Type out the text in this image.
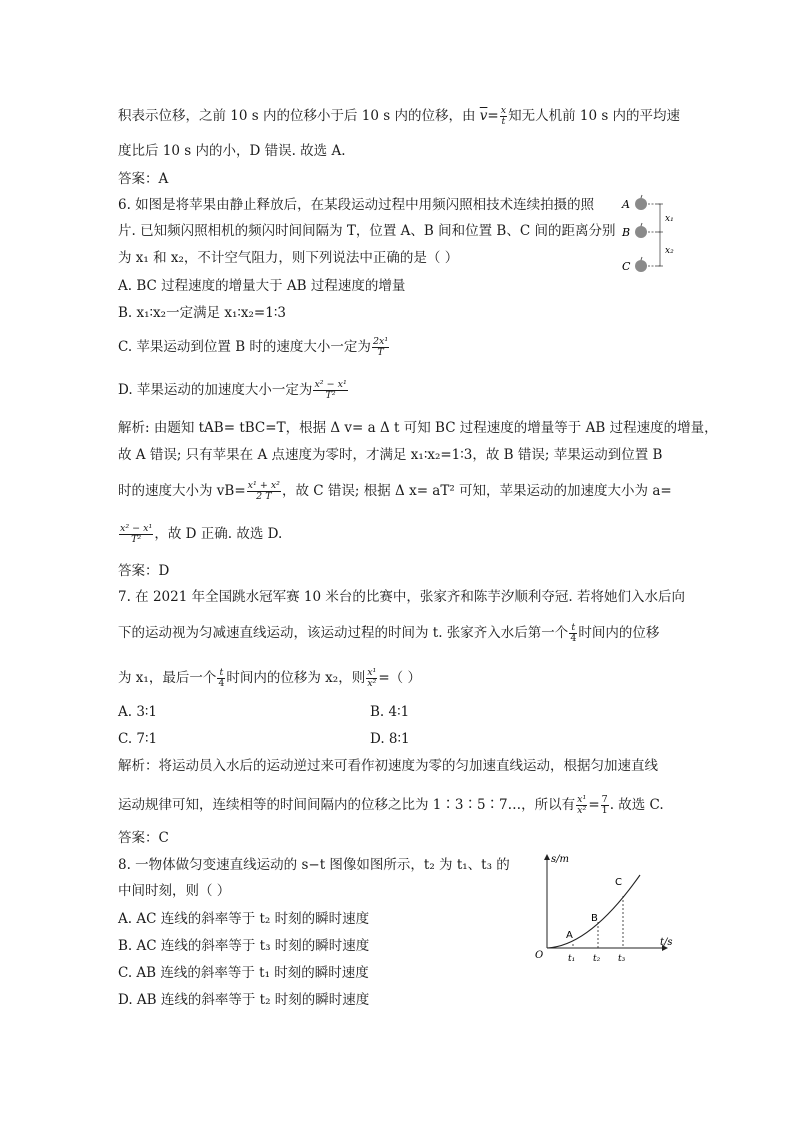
积表示位移，之前 10 s 内的位移小于后 10 s 内的位移，由 $\overline{v}= \frac{x}{t}$ 知无人机前 10 s 内的平均速
度比后 10 s 内的小，D 错误. 故选 A.
答案：A
6. 如图是将苹果由静止释放后，在某段运动过程中用频闪照相技术连续拍摄的照
片. 已知频闪照相机的频闪时间间隔为 T，位置 A、B 间和位置 B、C 间的距离分别
为 x₁ 和 x₂，不计空气阻力，则下列说法中正确的是（ ）
A. BC 过程速度的增量大于 AB 过程速度的增量
B. x₁∶x₂一定满足 x₁∶x₂=1∶3
C. 苹果运动到位置 B 时的速度大小一定为 $\frac{\text{2x¹}}{T}$
D. 苹果运动的加速度大小一定为 $\frac{\text{x² − x¹}}{\text{T²}}$
解析: 由题知 tAB= tBC=T，根据 Δ v= a Δ t 可知 BC 过程速度的增量等于 AB 过程速度的增量，
故 A 错误; 只有苹果在 A 点速度为零时，才满足 x₁∶x₂=1∶3，故 B 错误; 苹果运动到位置 B
时的速度大小为 $vB= \frac{\text{x¹ + x²}}{2 T}$ ，故 C 错误; 根据 Δ x= aT² 可知，苹果运动的加速度大小为 a=
$\frac{\text{x² − x¹}}{\text{T²}}$ ，故 D 正确. 故选 D.
答案：D
A
B
C
x₁
x₂
7. 在 2021 年全国跳水冠军赛 10 米台的比赛中，张家齐和陈芋汐顺利夺冠. 若将她们入水后向
下的运动视为匀减速直线运动，该运动过程的时间为 t. 张家齐入水后第一个 $\frac{t}{4}$ 时间内的位移
为 x₁，最后一个 $\frac{t}{4}$ 时间内的位移为 x₂，则 $\frac{\text{x¹}}{\text{x²}}$ =（ ）
A. 3∶1	B. 4∶1
C. 7∶1	D. 8∶1
解析：将运动员入水后的运动逆过来可看作初速度为零的匀加速直线运动，根据匀加速直线
运动规律可知，连续相等的时间间隔内的位移之比为 1∶3∶5∶7…，所以有 $\frac{\text{x¹}}{\text{x²}} = \frac{7}{1}$ . 故选 C.
答案：C
8. 一物体做匀变速直线运动的 s−t 图像如图所示，t₂ 为 t₁、t₃ 的
中间时刻，则（ ）
A. AC 连线的斜率等于 t₂ 时刻的瞬时速度
B. AC 连线的斜率等于 t₃ 时刻的瞬时速度
C. AB 连线的斜率等于 t₁ 时刻的瞬时速度
D. AB 连线的斜率等于 t₂ 时刻的瞬时速度
s/m
t/s
O
A
B
C
t₁ t₂ t₃
